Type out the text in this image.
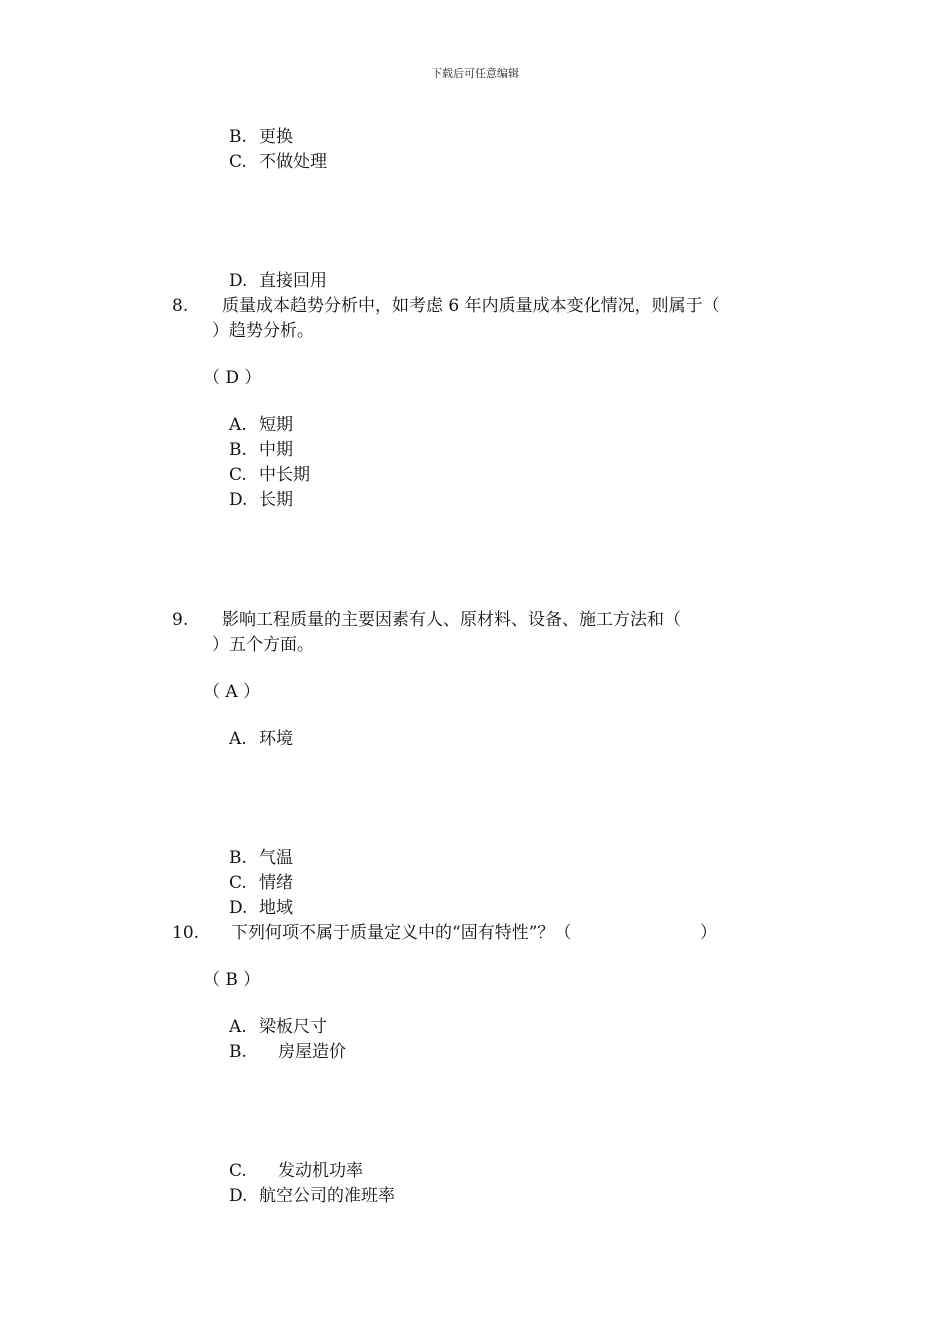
下载后可任意编辑
B. 更换
C. 不做处理
D. 直接回用
8. 质量成本趋势分析中，如考虑 6 年内质量成本变化情况，则属于（
）趋势分析。
（ D ）
A. 短期
B. 中期
C. 中长期
D. 长期
9. 影响工程质量的主要因素有人、原材料、设备、施工方法和（
）五个方面。
（ A ）
A. 环境
B. 气温
C. 情绪
D. 地域
10. 下列何项不属于质量定义中的“固有特性”？（	）
（ B ）
A. 梁板尺寸
B. 房屋造价
C. 发动机功率
D. 航空公司的准班率
